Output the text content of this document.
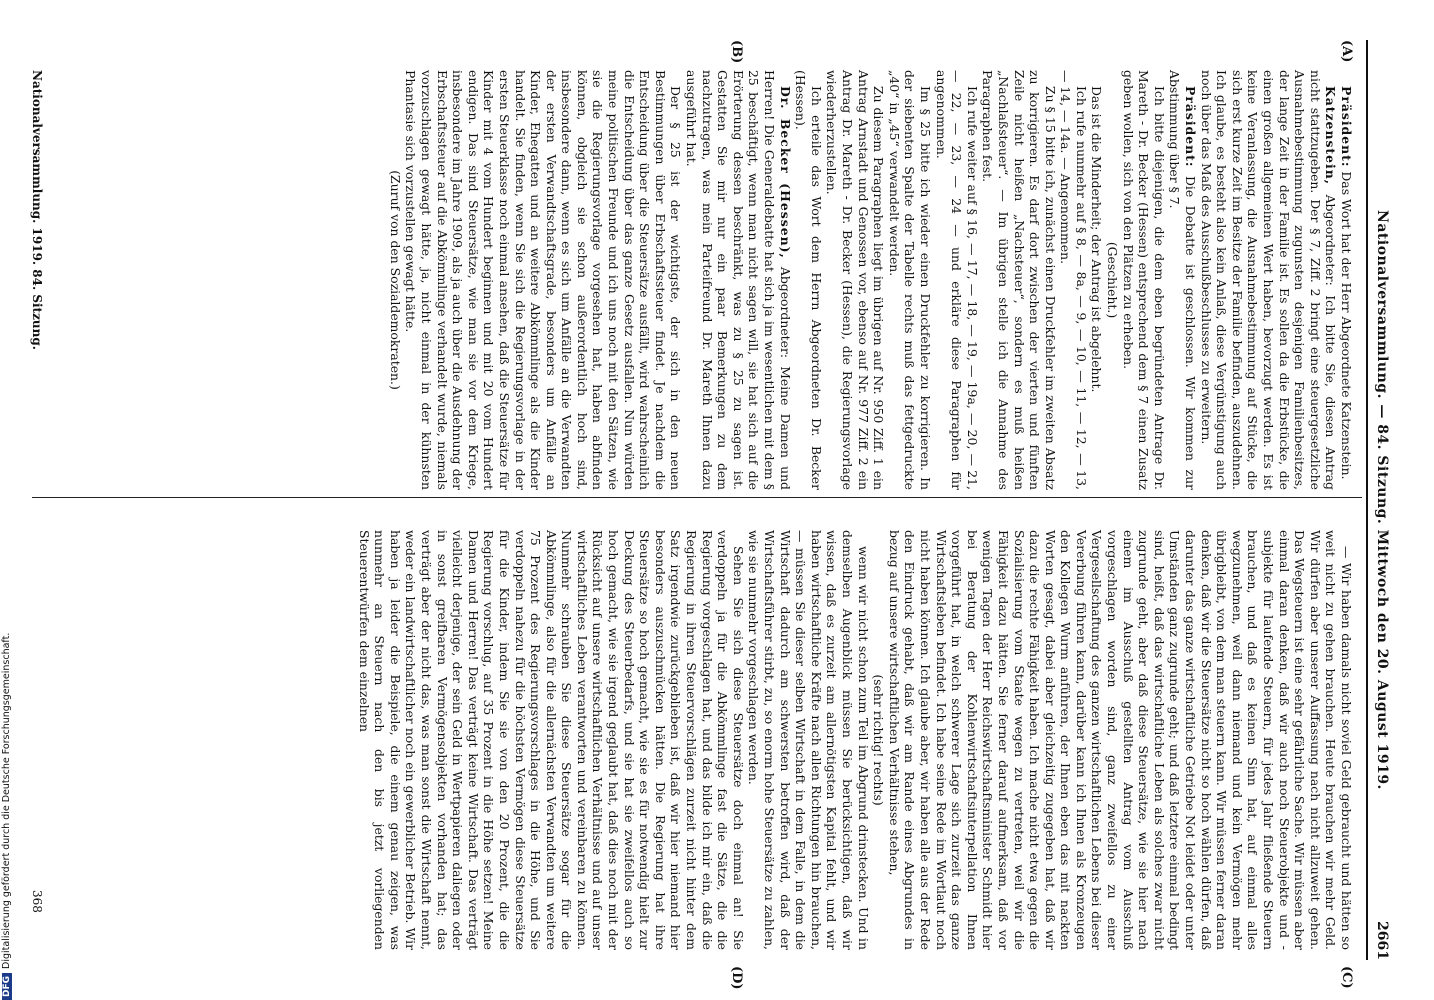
Nationalversammlung. — 84. Sitzung. Mittwoch den 20. August 1919.
2661
(A)
(B)
(C)
(D)

Präsident: Das Wort hat der Herr Abgeordnete Katzenstein.

Katzenstein, Abgeordneter: Ich bitte Sie, diesen Antrag nicht stattzugeben. Der § 7, Ziff. 2 bringt eine steuergesetzliche Ausnahmebestimmung zugunsten desjenigen Familienbesitzes, der lange Zeit in der Familie ist. Es sollen da die Erbstücke, die einen großen allgemeinen Wert haben, bevorzugt werden. Es ist keine Veranlassung, die Ausnahmebestimmung auf Stücke, die sich erst kurze Zeit im Besitze der Familie befinden, auszudehnen. Ich glaube, es besteht also kein Anlaß, diese Vergünstigung auch noch über das Maß des Ausschußbeschlusses zu erweitern.

Präsident: Die Debatte ist geschlossen. Wir kommen zur Abstimmung über § 7.

Ich bitte diejenigen, die dem eben begründeten Antrage Dr. Mareth - Dr. Becker (Hessen) entsprechend dem § 7 einen Zusatz geben wollen, sich von den Plätzen zu erheben.

(Geschieht.)

Das ist die Minderheit; der Antrag ist abgelehnt.

Ich rufe nunmehr auf § 8, — 8a, — 9, — 10, — 11, — 12, — 13, — 14, — 14a. — Angenommen.

Zu § 15 bitte ich, zunächst einen Druckfehler im zweiten Absatz zu korrigieren. Es darf dort zwischen der vierten und fünften Zeile nicht heißen „Nachsteuer“, sondern es muß heißen „Nachlaßsteuer“. — Im übrigen stelle ich die Annahme des Paragraphen fest.

Ich rufe weiter auf § 16, — 17, — 18, — 19, — 19a, — 20, — 21, — 22, — 23, — 24 — und erkläre diese Paragraphen für angenommen.

Im § 25 bitte ich wieder einen Druckfehler zu korrigieren. In der siebenten Spalte der Tabelle rechts muß das fettgedruckte „40“ in „45“ verwandelt werden.

Zu diesem Paragraphen liegt im übrigen auf Nr. 950 Ziff. 1 ein Antrag Arnstadt und Genossen vor, ebenso auf Nr. 977 Ziff. 2 ein Antrag Dr. Mareth - Dr. Becker (Hessen), die Regierungsvorlage wiederherzustellen.

Ich erteile das Wort dem Herrn Abgeordneten Dr. Becker (Hessen).

Dr. Becker (Hessen), Abgeordneter: Meine Damen und Herren! Die Generaldebatte hat sich ja im wesentlichen mit dem § 25 beschäftigt, wenn man nicht sagen will, sie hat sich auf die Erörterung dessen beschränkt, was zu § 25 zu sagen ist. Gestatten Sie mir nur ein paar Bemerkungen zu dem nachzutragen, was mein Parteifreund Dr. Mareth Ihnen dazu ausgeführt hat.

Der § 25 ist der wichtigste, der sich in den neuen Bestimmungen über Erbschaftssteuer findet. Je nachdem die Entscheidung über die Steuersätze ausfällt, wird wahrscheinlich die Entscheidung über das ganze Gesetz ausfallen. Nun würden meine politischen Freunde und ich uns noch mit den Sätzen, wie sie die Regierungsvorlage vorgesehen hat, haben abfinden können, obgleich sie schon außerordentlich hoch sind, insbesondere dann, wenn es sich um Anfälle an die Verwandten der ersten Verwandtschaftsgrade, besonders um Anfälle an Kinder, Ehegatten und an weitere Abkömmlinge als die Kinder handelt. Sie finden, wenn Sie sich die Regierungsvorlage in der ersten Steuerklasse noch einmal ansehen, daß die Steuersätze für Kinder mit 4 vom Hundert beginnen und mit 20 vom Hundert endigen. Das sind Steuersätze, wie man sie vor dem Kriege, insbesondere im Jahre 1909, als ja auch über die Ausdehnung der Erbschaftssteuer auf die Abkömmlinge verhandelt wurde, niemals vorzuschlagen gewagt hätte, ja, nicht einmal in der kühnsten Phantasie sich vorzustellen gewagt hätte.

(Zuruf von den Sozialdemokraten.)

— Wir haben damals nicht soviel Geld gebraucht und hätten so weit nicht zu gehen brauchen. Heute brauchen wir mehr Geld. Wir dürfen aber unserer Auffassung nach nicht allzuweit gehen. Das Wegsteuern ist eine sehr gefährliche Sache. Wir müssen aber einmal daran denken, daß wir auch noch Steuerobjekte und -subjekte für laufende Steuern, für jedes Jahr fließende Steuern brauchen, und daß es keinen Sinn hat, auf einmal alles wegzunehmen, weil dann niemand und kein Vermögen mehr übrigbleibt, von dem man steuern kann. Wir müssen ferner daran denken, daß wir die Steuersätze nicht so hoch wählen dürfen, daß darunter das ganze wirtschaftliche Getriebe Not leidet oder unter Umständen ganz zugrunde geht; und daß letztere einmal bedingt sind, heißt, daß das wirtschaftliche Leben als solches zwar nicht zugrunde geht, aber daß diese Steuersätze, wie sie hier nach einem im Ausschuß gestellten Antrag vom Ausschuß vorgeschlagen worden sind, ganz zweifellos zu einer Vergesellschaftung des ganzen wirtschaftlichen Lebens bei dieser Vererbung führen kann, darüber kann ich Ihnen als Kronzeugen den Kollegen Wurm anführen, der Ihnen eben das mit nackten Worten gesagt, dabei aber gleichzeitig zugegeben hat, daß wir dazu die rechte Fähigkeit haben. Ich mache nicht etwa gegen die Sozialisierung vom Staate wegen zu vertreten, weil wir die Fähigkeit dazu hätten. Sie ferner darauf aufmerksam, daß vor wenigen Tagen der Herr Reichswirtschaftsminister Schmidt hier bei Beratung der Kohlenwirtschaftsinterpellation Ihnen vorgeführt hat, in welch schwerer Lage sich zurzeit das ganze Wirtschaftsleben befindet. Ich habe seine Rede im Wortlaut noch nicht haben können. Ich glaube aber, wir haben alle aus der Rede den Eindruck gehabt, daß wir am Rande eines Abgrundes in bezug auf unsere wirtschaftlichen Verhältnisse stehen,

(sehr richtig! rechts)

wenn wir nicht schon zum Teil im Abgrund drinstecken. Und in demselben Augenblick müssen Sie berücksichtigen, daß wir wissen, daß es zurzeit am allernötigsten Kapital fehlt, und wir haben wirtschaftliche Kräfte nach allen Richtungen hin brauchen, — müssen Sie dieser selben Wirtschaft in dem Falle, in dem die Wirtschaft dadurch am schwersten betroffen wird, daß der Wirtschaftsführer stirbt, zu, so enorm hohe Steuersätze zu zahlen, wie sie nunmehr vorgeschlagen werden.

Sehen Sie sich diese Steuersätze doch einmal an! Sie verdoppeln ja für die Abkömmlinge fast die Sätze, die die Regierung vorgeschlagen hat, und das bilde ich mir ein, daß die Regierung in ihren Steuervorschlägen zurzeit nicht hinter dem Satz irgendwie zurückgeblieben ist, daß wir hier niemand hier besonders auszuschmücken hätten. Die Regierung hat ihre Steuersätze so hoch gemacht, wie sie es für notwendig hielt zur Deckung des Steuerbedarfs, und sie hat sie zweifellos auch so hoch gemacht, wie sie irgend geglaubt hat, daß dies noch mit der Rücksicht auf unsere wirtschaftlichen Verhältnisse und auf unser wirtschaftliches Leben verantworten und vereinbaren zu können. Nunmehr schrauben Sie diese Steuersätze sogar für die Abkömmlinge, also für die allernächsten Verwandten um weitere 75 Prozent des Regierungsvorschlages in die Höhe, und Sie verdoppeln nahezu für die höchsten Vermögen diese Steuersätze für die Kinder, indem Sie sie von den 20 Prozent, die die Regierung vorschlug, auf 35 Prozent in die Höhe setzen! Meine Damen und Herren! Das verträgt keine Wirtschaft. Das verträgt vielleicht derjenige, der sein Geld in Wertpapieren daliegen oder in sonst greifbaren Vermögensobjekten vorhanden hat; das verträgt aber der nicht das, was man sonst die Wirtschaft nennt, weder ein landwirtschaftlicher noch ein gewerblicher Betrieb. Wir haben ja leider die Beispiele, die einem genau zeigen, was nunmehr an Steuern nach den bis jetzt vorliegenden Steuerentwürfen dem einzelnen

Nationalversammlung. 1919. 84. Sitzung.
368
DFGDigitalisierung gefördert durch die Deutsche Forschungsgemeinschaft.
